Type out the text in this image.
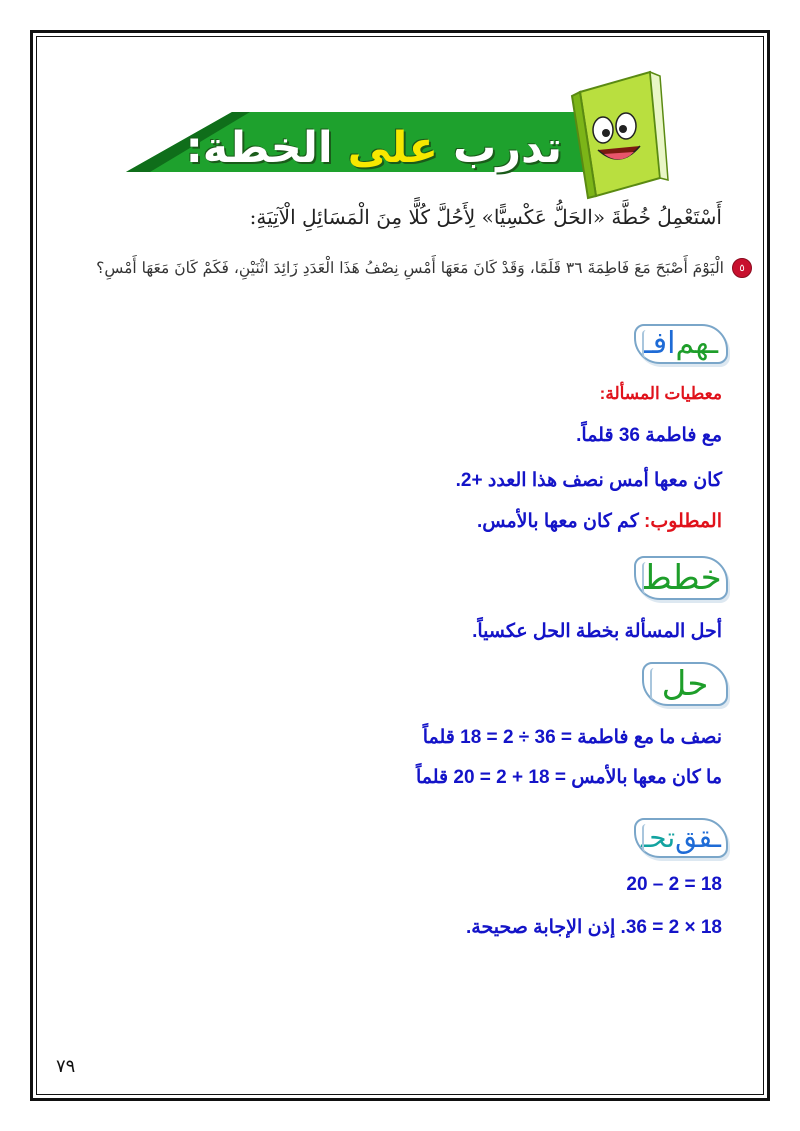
تدرب على الخطة:
أَسْتَعْمِلُ خُطَّةَ «الحَلُّ عَكْسِيًّا» لِأَحُلَّ كُلًّا مِنَ الْمَسَائِلِ الْآتِيَةِ:
٥
الْيَوْمَ أَصْبَحَ مَعَ فَاطِمَةَ ٣٦ قَلَمًا، وَقَدْ كَانَ مَعَهَا أَمْسِ نِصْفُ هَذَا الْعَدَدِ زَائِدَ اثْنَيْنِ، فَكَمْ كَانَ مَعَهَا أَمْسِ؟
افـ ـهم
معطيات المسألة:
مع فاطمة 36 قلماً.
كان معها أمس نصف هذا العدد +2.
المطلوب: كم كان معها بالأمس.
خطط
أحل المسألة بخطة الحل عكسياً.
حل
نصف ما مع فاطمة = 36 ÷ 2 = 18 قلماً
ما كان معها بالأمس = 18 + 2 = 20 قلماً
تحـ ـقق
20 – 2 = 18
18 × 2 = 36. إذن الإجابة صحيحة.
٧٩
